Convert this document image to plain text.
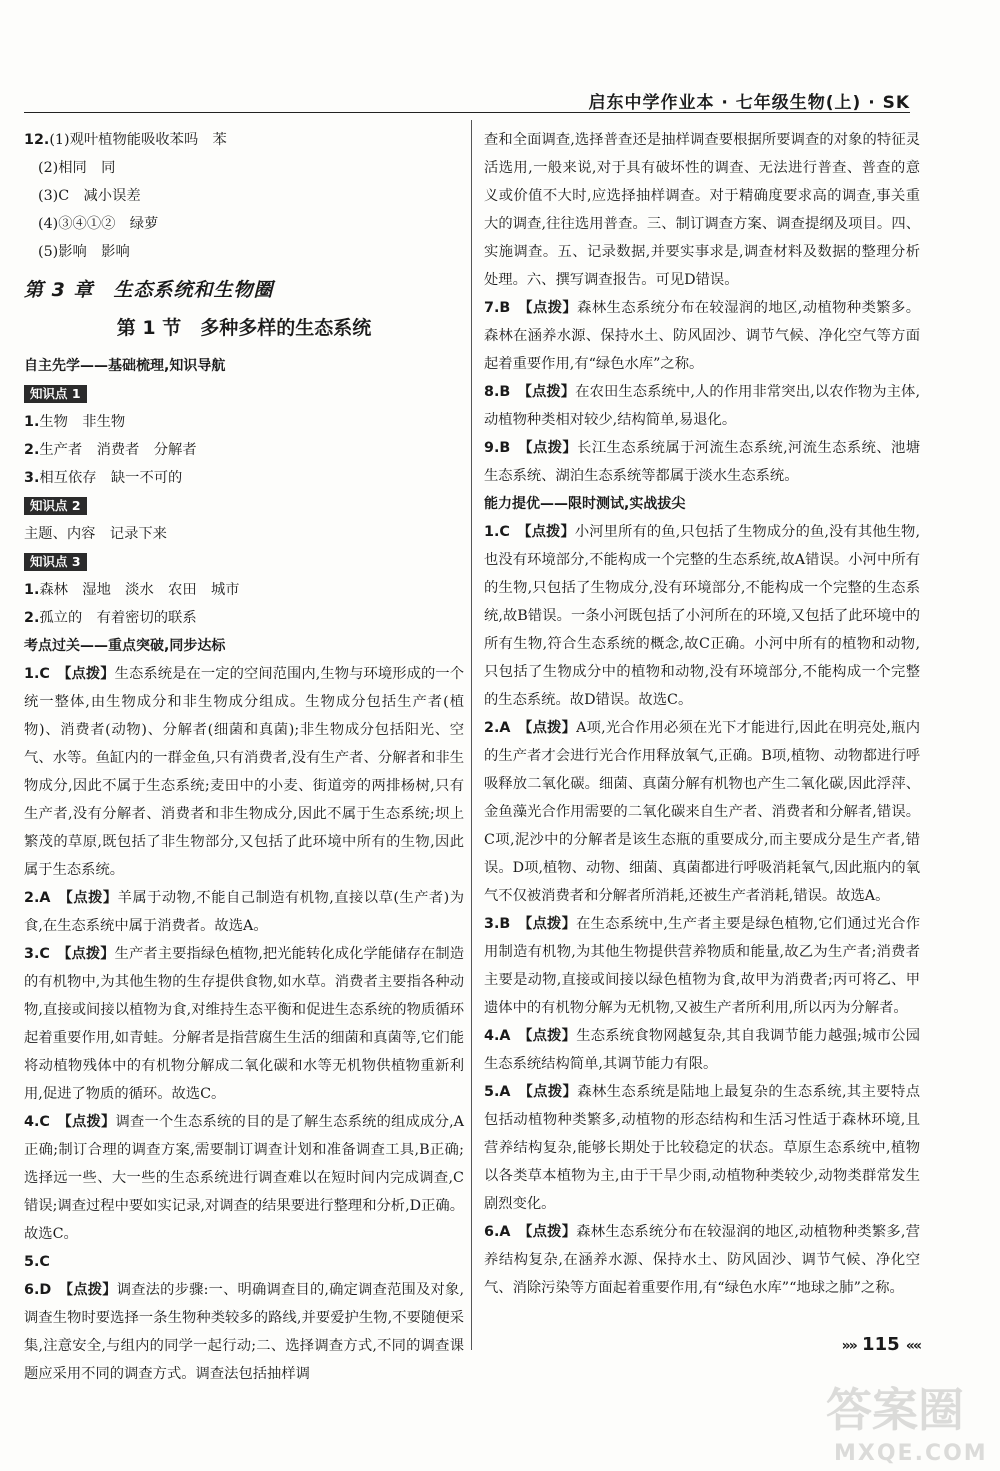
启东中学作业本 · 七年级生物(上) · SK

12.(1)观叶植物能吸收苯吗　苯

(2)相同　同

(3)C　减小误差

(4)③④①②　绿萝

(5)影响　影响

第 3 章　生态系统和生物圈
第 1 节　多种多样的生态系统
自主先学——基础梳理,知识导航
知识点 1

1.生物　非生物

2.生产者　消费者　分解者

3.相互依存　缺一不可的

知识点 2

主题、内容　记录下来

知识点 3

1.森林　湿地　淡水　农田　城市

2.孤立的　有着密切的联系

考点过关——重点突破,同步达标

1.C　 【点拨】生态系统是在一定的空间范围内,生物与环境形成的一个统一整体,由生物成分和非生物成分组成。生物成分包括生产者(植物)、消费者(动物)、分解者(细菌和真菌);非生物成分包括阳光、空气、水等。鱼缸内的一群金鱼,只有消费者,没有生产者、分解者和非生物成分,因此不属于生态系统;麦田中的小麦、街道旁的两排杨树,只有生产者,没有分解者、消费者和非生物成分,因此不属于生态系统;坝上繁茂的草原,既包括了非生物部分,又包括了此环境中所有的生物,因此属于生态系统。

2.A　 【点拨】羊属于动物,不能自己制造有机物,直接以草(生产者)为食,在生态系统中属于消费者。故选A。

3.C　 【点拨】生产者主要指绿色植物,把光能转化成化学能储存在制造的有机物中,为其他生物的生存提供食物,如水草。消费者主要指各种动物,直接或间接以植物为食,对维持生态平衡和促进生态系统的物质循环起着重要作用,如青蛙。分解者是指营腐生生活的细菌和真菌等,它们能将动植物残体中的有机物分解成二氧化碳和水等无机物供植物重新利用,促进了物质的循环。故选C。

4.C　 【点拨】调查一个生态系统的目的是了解生态系统的组成成分,A正确;制订合理的调查方案,需要制订调查计划和准备调查工具,B正确;选择远一些、大一些的生态系统进行调查难以在短时间内完成调查,C错误;调查过程中要如实记录,对调查的结果要进行整理和分析,D正确。故选C。

5.C

6.D　 【点拨】调查法的步骤:一、明确调查目的,确定调查范围及对象,调查生物时要选择一条生物种类较多的路线,并要爱护生物,不要随便采集,注意安全,与组内的同学一起行动;二、选择调查方式,不同的调查课题应采用不同的调查方式。调查法包括抽样调

查和全面调查,选择普查还是抽样调查要根据所要调查的对象的特征灵活选用,一般来说,对于具有破坏性的调查、无法进行普查、普查的意义或价值不大时,应选择抽样调查。对于精确度要求高的调查,事关重大的调查,往往选用普查。三、制订调查方案、调查提纲及项目。四、实施调查。五、记录数据,并要实事求是,调查材料及数据的整理分析处理。六、撰写调查报告。可见D错误。

7.B　 【点拨】森林生态系统分布在较湿润的地区,动植物种类繁多。森林在涵养水源、保持水土、防风固沙、调节气候、净化空气等方面起着重要作用,有“绿色水库”之称。

8.B　 【点拨】在农田生态系统中,人的作用非常突出,以农作物为主体,动植物种类相对较少,结构简单,易退化。

9.B　 【点拨】长江生态系统属于河流生态系统,河流生态系统、池塘生态系统、湖泊生态系统等都属于淡水生态系统。

能力提优——限时测试,实战拔尖

1.C　 【点拨】小河里所有的鱼,只包括了生物成分的鱼,没有其他生物,也没有环境部分,不能构成一个完整的生态系统,故A错误。小河中所有的生物,只包括了生物成分,没有环境部分,不能构成一个完整的生态系统,故B错误。一条小河既包括了小河所在的环境,又包括了此环境中的所有生物,符合生态系统的概念,故C正确。小河中所有的植物和动物,只包括了生物成分中的植物和动物,没有环境部分,不能构成一个完整的生态系统。故D错误。故选C。

2.A　 【点拨】A项,光合作用必须在光下才能进行,因此在明亮处,瓶内的生产者才会进行光合作用释放氧气,正确。B项,植物、动物都进行呼吸释放二氧化碳。细菌、真菌分解有机物也产生二氧化碳,因此浮萍、金鱼藻光合作用需要的二氧化碳来自生产者、消费者和分解者,错误。C项,泥沙中的分解者是该生态瓶的重要成分,而主要成分是生产者,错误。D项,植物、动物、细菌、真菌都进行呼吸消耗氧气,因此瓶内的氧气不仅被消费者和分解者所消耗,还被生产者消耗,错误。故选A。

3.B　 【点拨】在生态系统中,生产者主要是绿色植物,它们通过光合作用制造有机物,为其他生物提供营养物质和能量,故乙为生产者;消费者主要是动物,直接或间接以绿色植物为食,故甲为消费者;丙可将乙、甲遗体中的有机物分解为无机物,又被生产者所利用,所以丙为分解者。

4.A　 【点拨】生态系统食物网越复杂,其自我调节能力越强;城市公园生态系统结构简单,其调节能力有限。

5.A　 【点拨】森林生态系统是陆地上最复杂的生态系统,其主要特点包括动植物种类繁多,动植物的形态结构和生活习性适于森林环境,且营养结构复杂,能够长期处于比较稳定的状态。草原生态系统中,植物以各类草本植物为主,由于干旱少雨,动植物种类较少,动物类群常发生剧烈变化。

6.A　 【点拨】森林生态系统分布在较湿润的地区,动植物种类繁多,营养结构复杂,在涵养水源、保持水土、防风固沙、调节气候、净化空气、消除污染等方面起着重要作用,有“绿色水库”“地球之肺”之称。

»» 115 ««
答案圈
MXQE.COM
